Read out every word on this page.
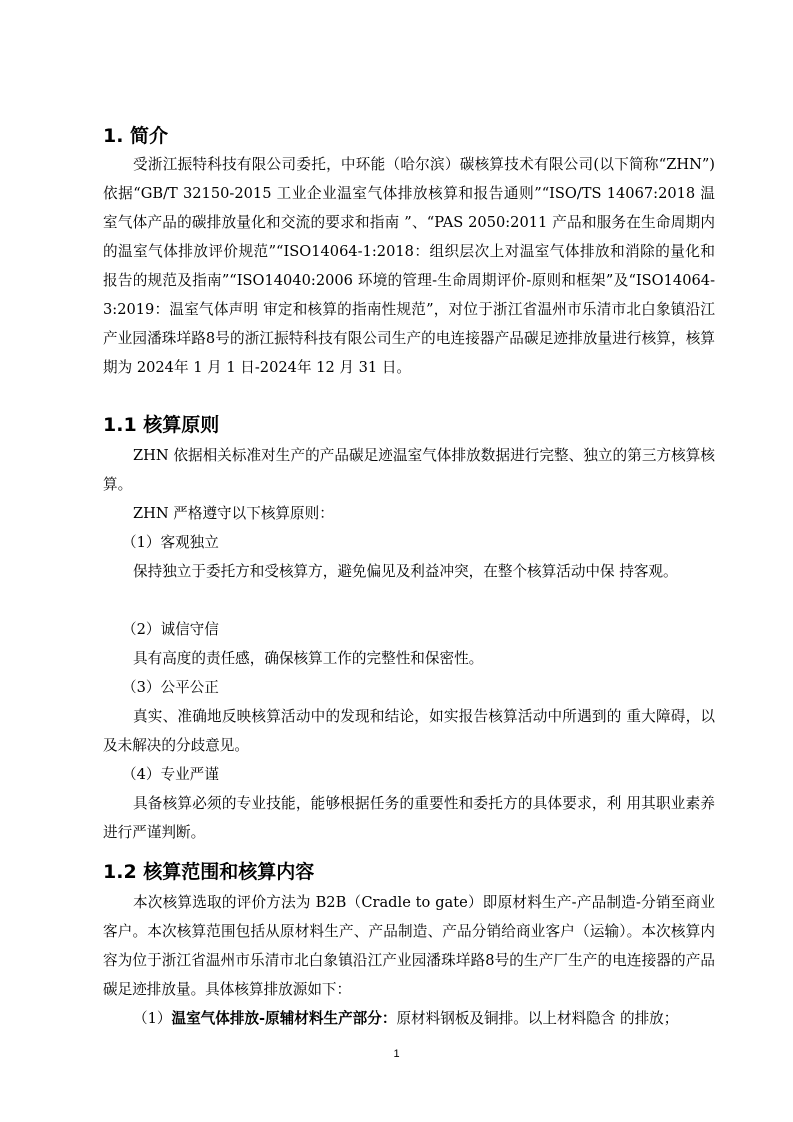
1. 简介

受浙江振特科技有限公司委托，中环能（哈尔滨）碳核算技术有限公司(以下简称“ZHN”)依据“GB/T 32150-2015 工业企业温室气体排放核算和报告通则”“ISO/TS 14067:2018 温室气体产品的碳排放量化和交流的要求和指南 ”、“PAS 2050:2011 产品和服务在生命周期内的温室气体排放评价规范”“ISO14064-1:2018：组织层次上对温室气体排放和消除的量化和报告的规范及指南”“ISO14040:2006 环境的管理-生命周期评价-原则和框架”及“ISO14064-3:2019：温室气体声明 审定和核算的指南性规范”，对位于浙江省温州市乐清市北白象镇沿江产业园潘珠垟路8号的浙江振特科技有限公司生产的电连接器产品碳足迹排放量进行核算，核算期为 2024年 1 月 1 日-2024年 12 月 31 日。

1.1 核算原则

ZHN 依据相关标准对生产的产品碳足迹温室气体排放数据进行完整、独立的第三方核算核算。

ZHN 严格遵守以下核算原则：

（1）客观独立

保持独立于委托方和受核算方，避免偏见及利益冲突，在整个核算活动中保 持客观。

（2）诚信守信

具有高度的责任感，确保核算工作的完整性和保密性。

（3）公平公正

真实、准确地反映核算活动中的发现和结论，如实报告核算活动中所遇到的 重大障碍，以及未解决的分歧意见。

（4）专业严谨

具备核算必须的专业技能，能够根据任务的重要性和委托方的具体要求，利 用其职业素养进行严谨判断。

1.2 核算范围和核算内容

本次核算选取的评价方法为 B2B（Cradle to gate）即原材料生产-产品制造-分销至商业客户。本次核算范围包括从原材料生产、产品制造、产品分销给商业客户（运输）。本次核算内容为位于浙江省温州市乐清市北白象镇沿江产业园潘珠垟路8号的生产厂生产的电连接器的产品碳足迹排放量。具体核算排放源如下：

（1）温室气体排放-原辅材料生产部分：原材料钢板及铜排。以上材料隐含 的排放；

1
